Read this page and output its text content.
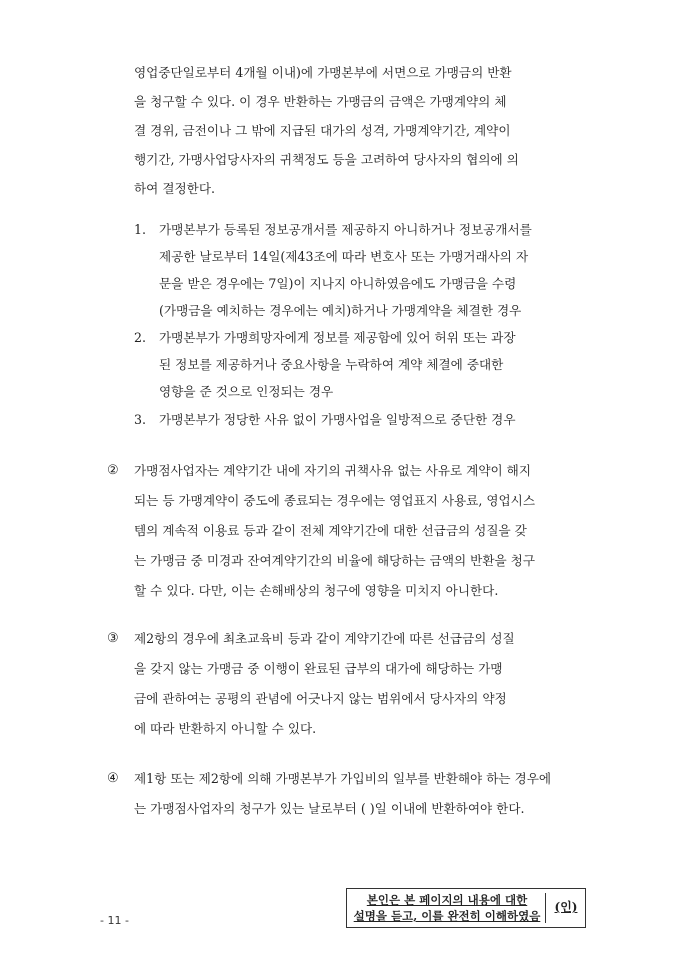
영업중단일로부터 4개월 이내)에 가맹본부에 서면으로 가맹금의 반환
을 청구할 수 있다. 이 경우 반환하는 가맹금의 금액은 가맹계약의 체
결 경위, 금전이나 그 밖에 지급된 대가의 성격, 가맹계약기간, 계약이
행기간, 가맹사업당사자의 귀책정도 등을 고려하여 당사자의 협의에 의
하여 결정한다.
1. 가맹본부가 등록된 정보공개서를 제공하지 아니하거나 정보공개서를
제공한 날로부터 14일(제43조에 따라 변호사 또는 가맹거래사의 자
문을 받은 경우에는 7일)이 지나지 아니하였음에도 가맹금을 수령
(가맹금을 예치하는 경우에는 예치)하거나 가맹계약을 체결한 경우
2. 가맹본부가 가맹희망자에게 정보를 제공함에 있어 허위 또는 과장
된 정보를 제공하거나 중요사항을 누락하여 계약 체결에 중대한
영향을 준 것으로 인정되는 경우
3. 가맹본부가 정당한 사유 없이 가맹사업을 일방적으로 중단한 경우
② 가맹점사업자는 계약기간 내에 자기의 귀책사유 없는 사유로 계약이 해지
되는 등 가맹계약이 중도에 종료되는 경우에는 영업표지 사용료, 영업시스
템의 계속적 이용료 등과 같이 전체 계약기간에 대한 선급금의 성질을 갖
는 가맹금 중 미경과 잔여계약기간의 비율에 해당하는 금액의 반환을 청구
할 수 있다. 다만, 이는 손해배상의 청구에 영향을 미치지 아니한다.
③ 제2항의 경우에 최초교육비 등과 같이 계약기간에 따른 선급금의 성질
을 갖지 않는 가맹금 중 이행이 완료된 급부의 대가에 해당하는 가맹
금에 관하여는 공평의 관념에 어긋나지 않는 범위에서 당사자의 약정
에 따라 반환하지 아니할 수 있다.
④ 제1항 또는 제2항에 의해 가맹본부가 가입비의 일부를 반환해야 하는 경우에
는 가맹점사업자의 청구가 있는 날로부터 ( )일 이내에 반환하여야 한다.
- 11 -
본인은 본 페이지의 내용에 대한
설명을 듣고, 이를 완전히 이해하였음
(인)
